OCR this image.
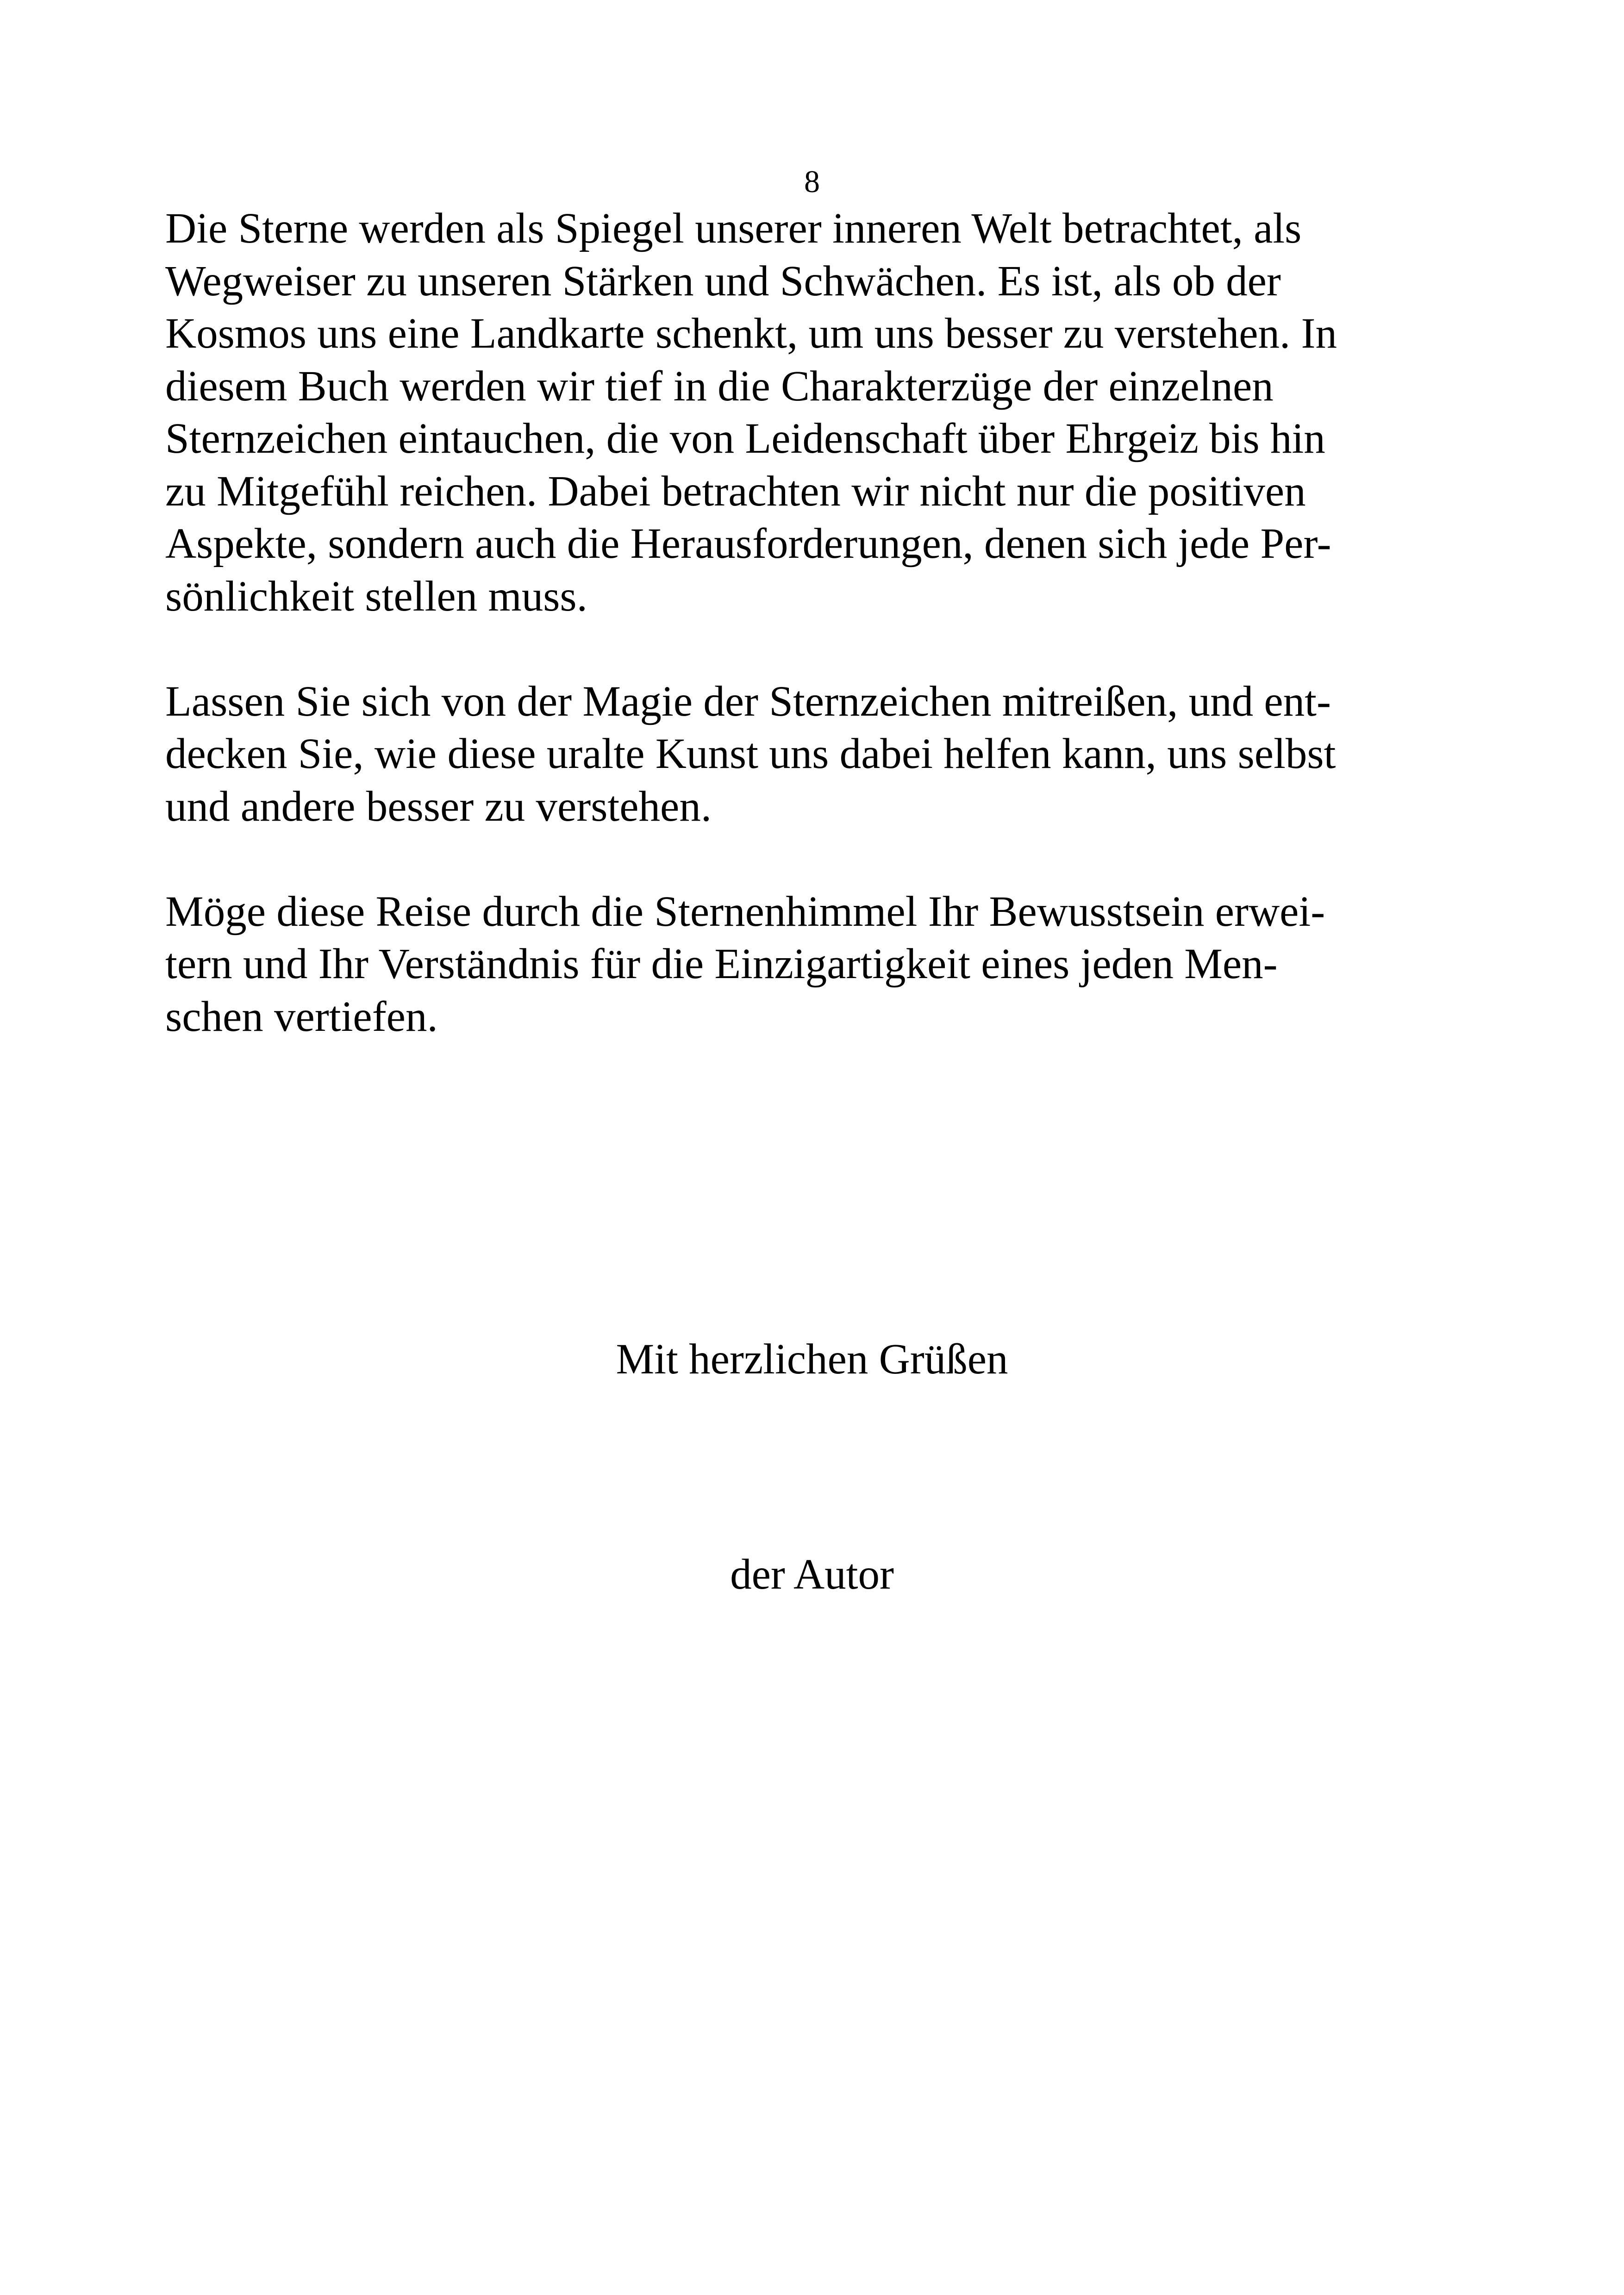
8
Die Sterne werden als Spiegel unserer inneren Welt betrachtet, als
Wegweiser zu unseren Stärken und Schwächen. Es ist, als ob der
Kosmos uns eine Landkarte schenkt, um uns besser zu verstehen. In
diesem Buch werden wir tief in die Charakterzüge der einzelnen
Sternzeichen eintauchen, die von Leidenschaft über Ehrgeiz bis hin
zu Mitgefühl reichen. Dabei betrachten wir nicht nur die positiven
Aspekte, sondern auch die Herausforderungen, denen sich jede Per-
sönlichkeit stellen muss.
Lassen Sie sich von der Magie der Sternzeichen mitreißen, und ent-
decken Sie, wie diese uralte Kunst uns dabei helfen kann, uns selbst
und andere besser zu verstehen.
Möge diese Reise durch die Sternenhimmel Ihr Bewusstsein erwei-
tern und Ihr Verständnis für die Einzigartigkeit eines jeden Men-
schen vertiefen.
Mit herzlichen Grüßen
der Autor
